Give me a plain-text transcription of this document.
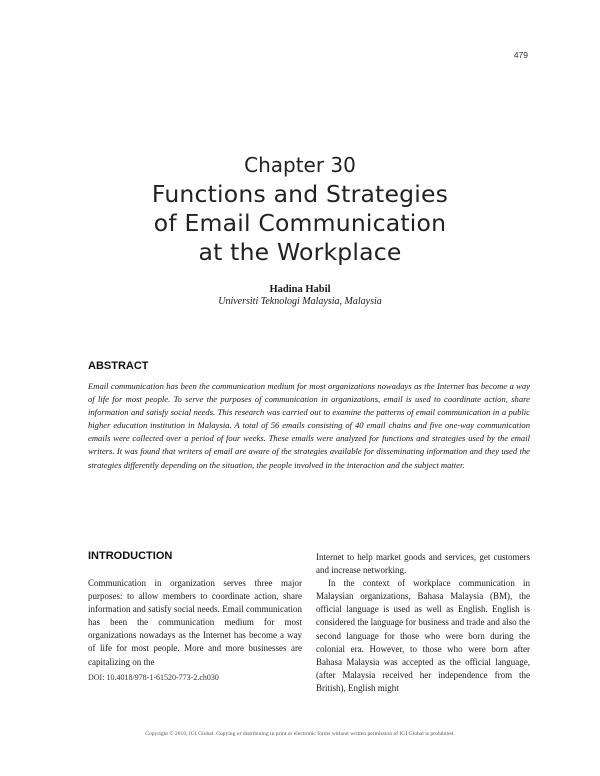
479
Chapter 30
Functions and Strategies
of Email Communication
at the Workplace
Hadina Habil
Universiti Teknologi Malaysia, Malaysia
ABSTRACT
Email communication has been the communication medium for most organizations nowadays as the Internet has become a way of life for most people. To serve the purposes of communication in organizations, email is used to coordinate action, share information and satisfy social needs. This research was carried out to examine the patterns of email communication in a public higher education institution in Malaysia. A total of 56 emails consisting of 40 email chains and five one-way communication emails were collected over a period of four weeks. These emails were analyzed for functions and strategies used by the email writers. It was found that writers of email are aware of the strategies available for disseminating information and they used the strategies differently depending on the situation, the people involved in the interaction and the subject matter.
INTRODUCTION

Communication in organization serves three major purposes: to allow members to coordinate action, share information and satisfy social needs. Email communication has been the communication medium for most organizations nowadays as the Internet has become a way of life for most people. More and more businesses are capitalizing on the

Internet to help market goods and services, get customers and increase networking.

In the context of workplace communication in Malaysian organizations, Bahasa Malaysia (BM), the official language is used as well as English. English is considered the language for business and trade and also the second language for those who were born during the colonial era. However, to those who were born after Bahasa Malaysia was accepted as the official language, (after Malaysia received her independence from the British), English might

DOI: 10.4018/978-1-61520-773-2.ch030
Copyright © 2010, IGI Global. Copying or distributing in print or electronic forms without written permission of IGI Global is prohibited.
